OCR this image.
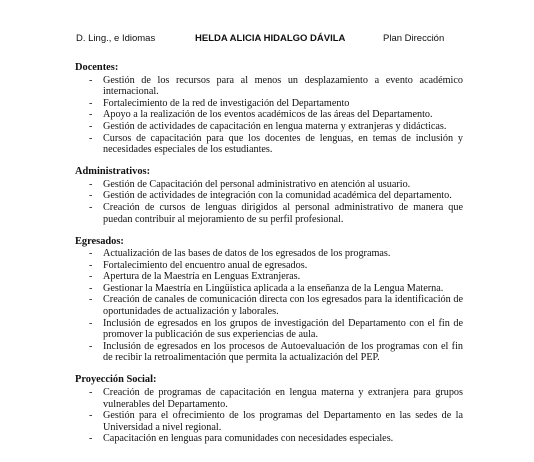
D. Ling., e Idiomas	HELDA ALICIA HIDALGO DÁVILA	Plan Dirección
Docentes:
- Gestión de los recursos para al menos un desplazamiento a evento académico internacional.
- Fortalecimiento de la red de investigación del Departamento
- Apoyo a la realización de los eventos académicos de las áreas del Departamento.
- Gestión de actividades de capacitación en lengua materna y extranjeras y didácticas.
- Cursos de capacitación para que los docentes de lenguas, en temas de inclusión y necesidades especiales de los estudiantes.
Administrativos:
- Gestión de Capacitación del personal administrativo en atención al usuario.
- Gestión de actividades de integración con la comunidad académica del departamento.
- Creación de cursos de lenguas dirigidos al personal administrativo de manera que puedan contribuir al mejoramiento de su perfil profesional.
Egresados:
- Actualización de las bases de datos de los egresados de los programas.
- Fortalecimiento del encuentro anual de egresados.
- Apertura de la Maestría en Lenguas Extranjeras.
- Gestionar la Maestría en Lingüística aplicada a la enseñanza de la Lengua Materna.
- Creación de canales de comunicación directa con los egresados para la identificación de oportunidades de actualización y laborales.
- Inclusión de egresados en los grupos de investigación del Departamento con el fin de promover la publicación de sus experiencias de aula.
- Inclusión de egresados en los procesos de Autoevaluación de los programas con el fin de recibir la retroalimentación que permita la actualización del PEP.
Proyección Social:
- Creación de programas de capacitación en lengua materna y extranjera para grupos vulnerables del Departamento.
- Gestión para el ofrecimiento de los programas del Departamento en las sedes de la Universidad a nivel regional.
- Capacitación en lenguas para comunidades con necesidades especiales.
